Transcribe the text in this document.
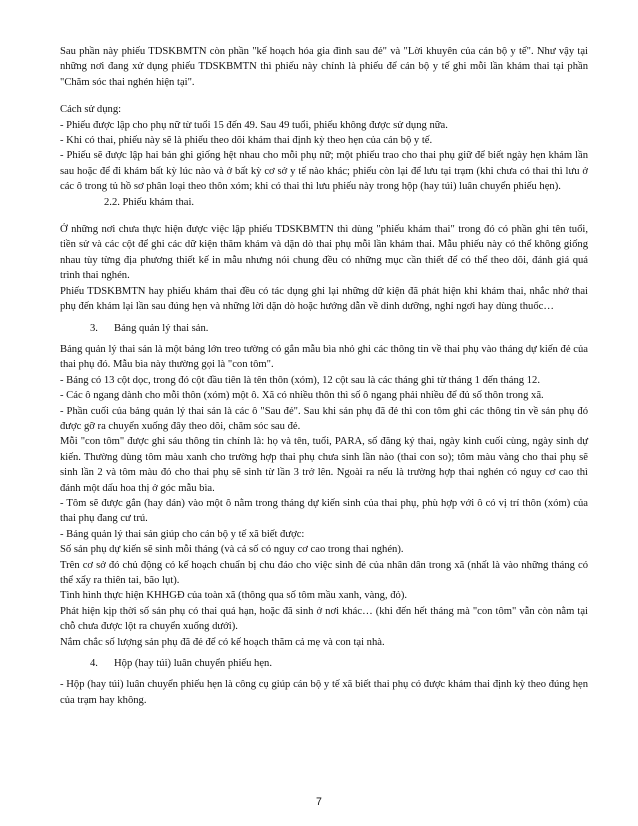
Sau phần này phiếu TDSKBMTN còn phần "kế hoạch hóa gia đình sau đẻ" và "Lời khuyên của cán bộ y tế". Như vậy tại những nơi đang xử dụng phiếu TDSKBMTN thì phiếu này chính là phiếu để cán bộ y tế ghi mỗi lần khám thai tại phần "Chăm sóc thai nghén hiện tại".

Cách sử dụng:

- Phiếu được lập cho phụ nữ từ tuổi 15 đến 49. Sau 49 tuổi, phiếu không được sử dụng nữa.

- Khi có thai, phiếu này sẽ là phiếu theo dõi khám thai định kỳ theo hẹn của cán bộ y tế.

- Phiếu sẽ được lập hai bản ghi giống hệt nhau cho mỗi phụ nữ; một phiếu trao cho thai phụ giữ để biết ngày hẹn khám lần sau hoặc để đi khám bất kỳ lúc nào và ở bất kỳ cơ sở y tế nào khác; phiếu còn lại để lưu tại trạm (khi chưa có thai thì lưu ở các ô trong tủ hồ sơ phân loại theo thôn xóm; khi có thai thì lưu phiếu này trong hộp (hay túi) luân chuyển phiếu hẹn).

2.2. Phiếu khám thai.

Ở những nơi chưa thực hiện được việc lập phiếu TDSKBMTN thì dùng "phiếu khám thai" trong đó có phần ghi tên tuổi, tiền sử và các cột để ghi các dữ kiện thăm khám và dặn dò thai phụ mỗi lần khám thai. Mẫu phiếu này có thể không giống nhau tùy từng địa phương thiết kế in mẫu nhưng nói chung đều có những mục cần thiết để có thể theo dõi, đánh giá quá trình thai nghén.

Phiếu TDSKBMTN hay phiếu khám thai đều có tác dụng ghi lại những dữ kiện đã phát hiện khi khám thai, nhắc nhở thai phụ đến khám lại lần sau đúng hẹn và những lời dặn dò hoặc hướng dẫn về dinh dưỡng, nghỉ ngơi hay dùng thuốc…

3. Bảng quản lý thai sản.

Bảng quản lý thai sản là một bảng lớn treo tường có gắn mẫu bìa nhỏ ghi các thông tin về thai phụ vào tháng dự kiến đẻ của thai phụ đó. Mẫu bìa này thường gọi là "con tôm".

- Bảng có 13 cột dọc, trong đó cột đầu tiên là tên thôn (xóm), 12 cột sau là các tháng ghi từ tháng 1 đến tháng 12.

- Các ô ngang dành cho mỗi thôn (xóm) một ô. Xã có nhiều thôn thì số ô ngang phải nhiều để đủ số thôn trong xã.

- Phần cuối của bảng quản lý thai sản là các ô "Sau đẻ". Sau khi sản phụ đã đẻ thì con tôm ghi các thông tin về sản phụ đó được gỡ ra chuyển xuống đây theo dõi, chăm sóc sau đẻ.

Mỗi "con tôm" được ghi sáu thông tin chính là: họ và tên, tuổi, PARA, số đăng ký thai, ngày kinh cuối cùng, ngày sinh dự kiến. Thường dùng tôm màu xanh cho trường hợp thai phụ chưa sinh lần nào (thai con so); tôm màu vàng cho thai phụ sẽ sinh lần 2 và tôm màu đỏ cho thai phụ sẽ sinh từ lần 3 trở lên. Ngoài ra nếu là trường hợp thai nghén có nguy cơ cao thì đánh một dấu hoa thị ở góc mẫu bìa.

- Tôm sẽ được gắn (hay dán) vào một ô nằm trong tháng dự kiến sinh của thai phụ, phù hợp với ô có vị trí thôn (xóm) của thai phụ đang cư trú.

- Bảng quản lý thai sản giúp cho cán bộ y tế xã biết được:

Số sản phụ dự kiến sẽ sinh mỗi tháng (và cả số có nguy cơ cao trong thai nghén).

Trên cơ sở đó chủ động có kế hoạch chuẩn bị chu đáo cho việc sinh đẻ của nhân dân trong xã (nhất là vào những tháng có thể xẩy ra thiên tai, bão lụt).

Tình hình thực hiện KHHGĐ của toàn xã (thông qua số tôm mầu xanh, vàng, đỏ).

Phát hiện kịp thời số sản phụ có thai quá hạn, hoặc đã sinh ở nơi khác… (khi đến hết tháng mà "con tôm" vẫn còn nằm tại chỗ chưa được lột ra chuyển xuống dưới).

Nắm chắc số lượng sản phụ đã đẻ để có kế hoạch thăm cả mẹ và con tại nhà.

4. Hộp (hay túi) luân chuyển phiếu hẹn.

- Hộp (hay túi) luân chuyển phiếu hẹn là công cụ giúp cán bộ y tế xã biết thai phụ có được khám thai định kỳ theo đúng hẹn của trạm hay không.

7
